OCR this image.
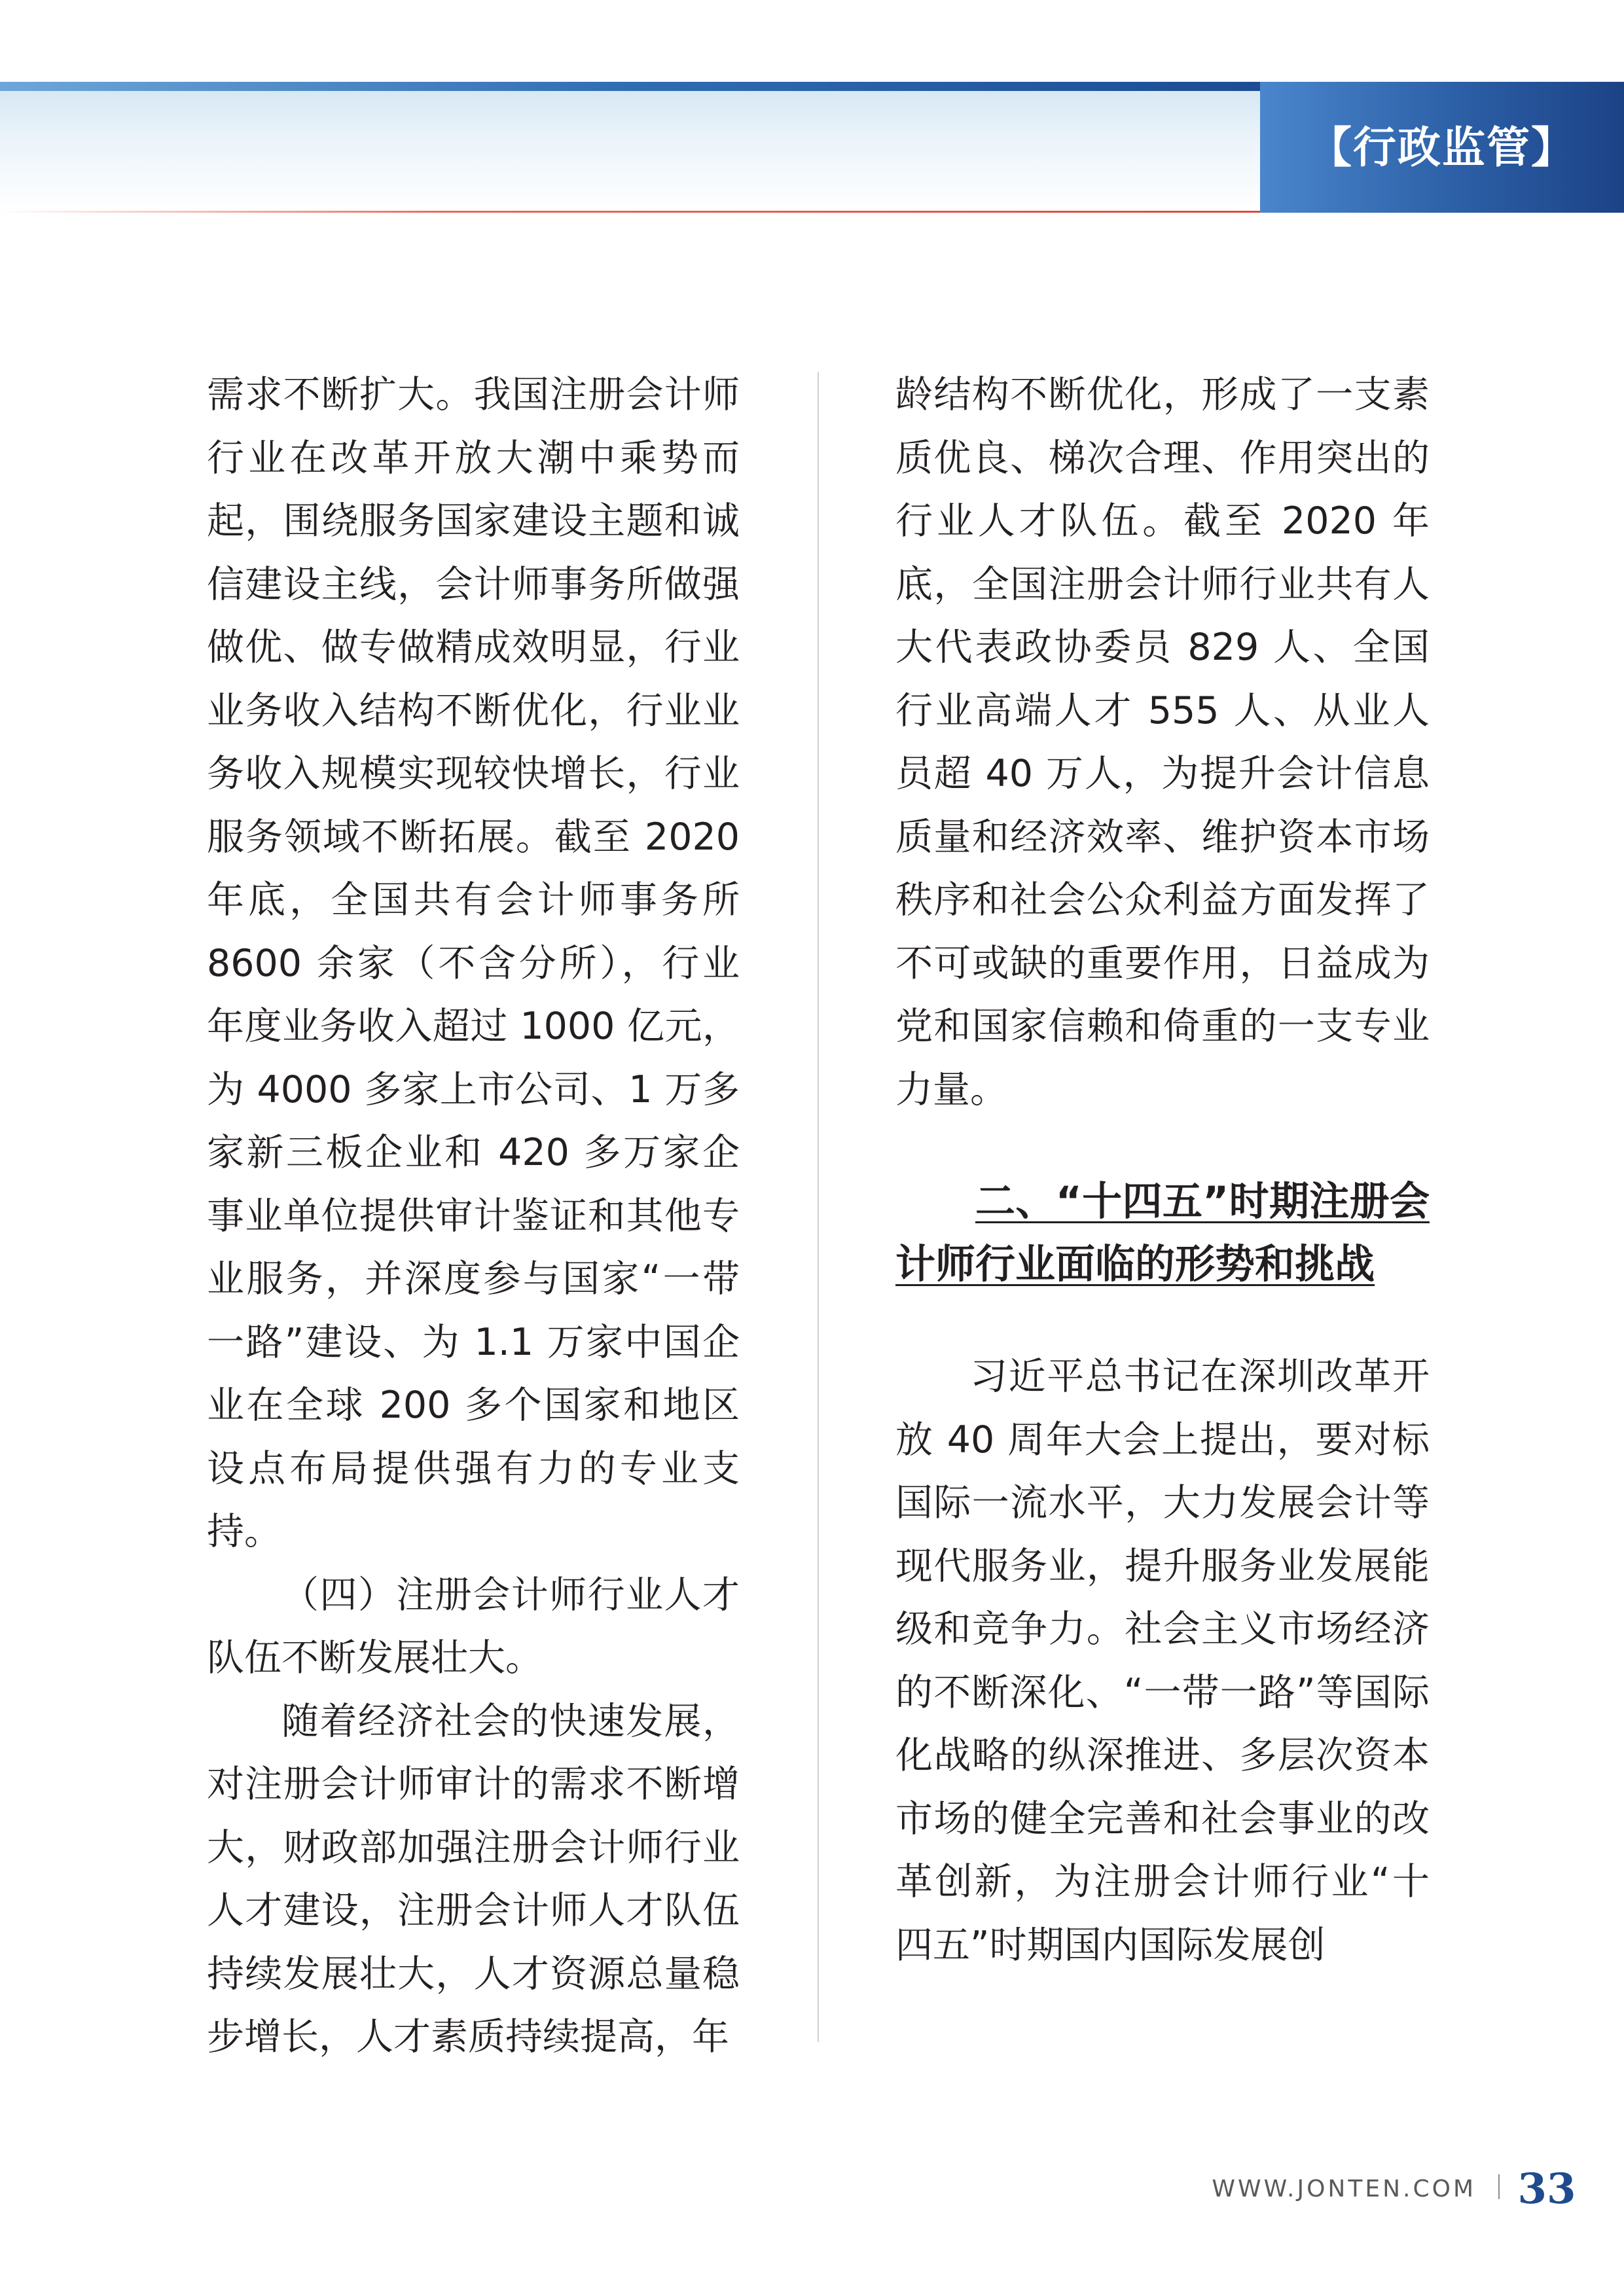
【行政监管】

需求不断扩大。我国注册会计师行业在改革开放大潮中乘势而起，围绕服务国家建设主题和诚信建设主线，会计师事务所做强做优、做专做精成效明显，行业业务收入结构不断优化，行业业务收入规模实现较快增长，行业服务领域不断拓展。截至 2020 年底，全国共有会计师事务所 8600 余家（不含分所），行业年度业务收入超过 1000 亿元，为 4000 多家上市公司、1 万多家新三板企业和 420 多万家企事业单位提供审计鉴证和其他专业服务，并深度参与国家“一带一路”建设、为 1.1 万家中国企业在全球 200 多个国家和地区设点布局提供强有力的专业支持。

（四）注册会计师行业人才队伍不断发展壮大。

随着经济社会的快速发展，对注册会计师审计的需求不断增大，财政部加强注册会计师行业人才建设，注册会计师人才队伍持续发展壮大，人才资源总量稳步增长，人才素质持续提高，年

龄结构不断优化，形成了一支素质优良、梯次合理、作用突出的行业人才队伍。截至 2020 年底，全国注册会计师行业共有人大代表政协委员 829 人、全国行业高端人才 555 人、从业人员超 40 万人，为提升会计信息质量和经济效率、维护资本市场秩序和社会公众利益方面发挥了不可或缺的重要作用，日益成为党和国家信赖和倚重的一支专业力量。

二、“十四五”时期注册会计师行业面临的形势和挑战

习近平总书记在深圳改革开放 40 周年大会上提出，要对标国际一流水平，大力发展会计等现代服务业，提升服务业发展能级和竞争力。社会主义市场经济的不断深化、“一带一路”等国际化战略的纵深推进、多层次资本市场的健全完善和社会事业的改革创新，为注册会计师行业“十四五”时期国内国际发展创

WWW.JONTEN.COM 33
